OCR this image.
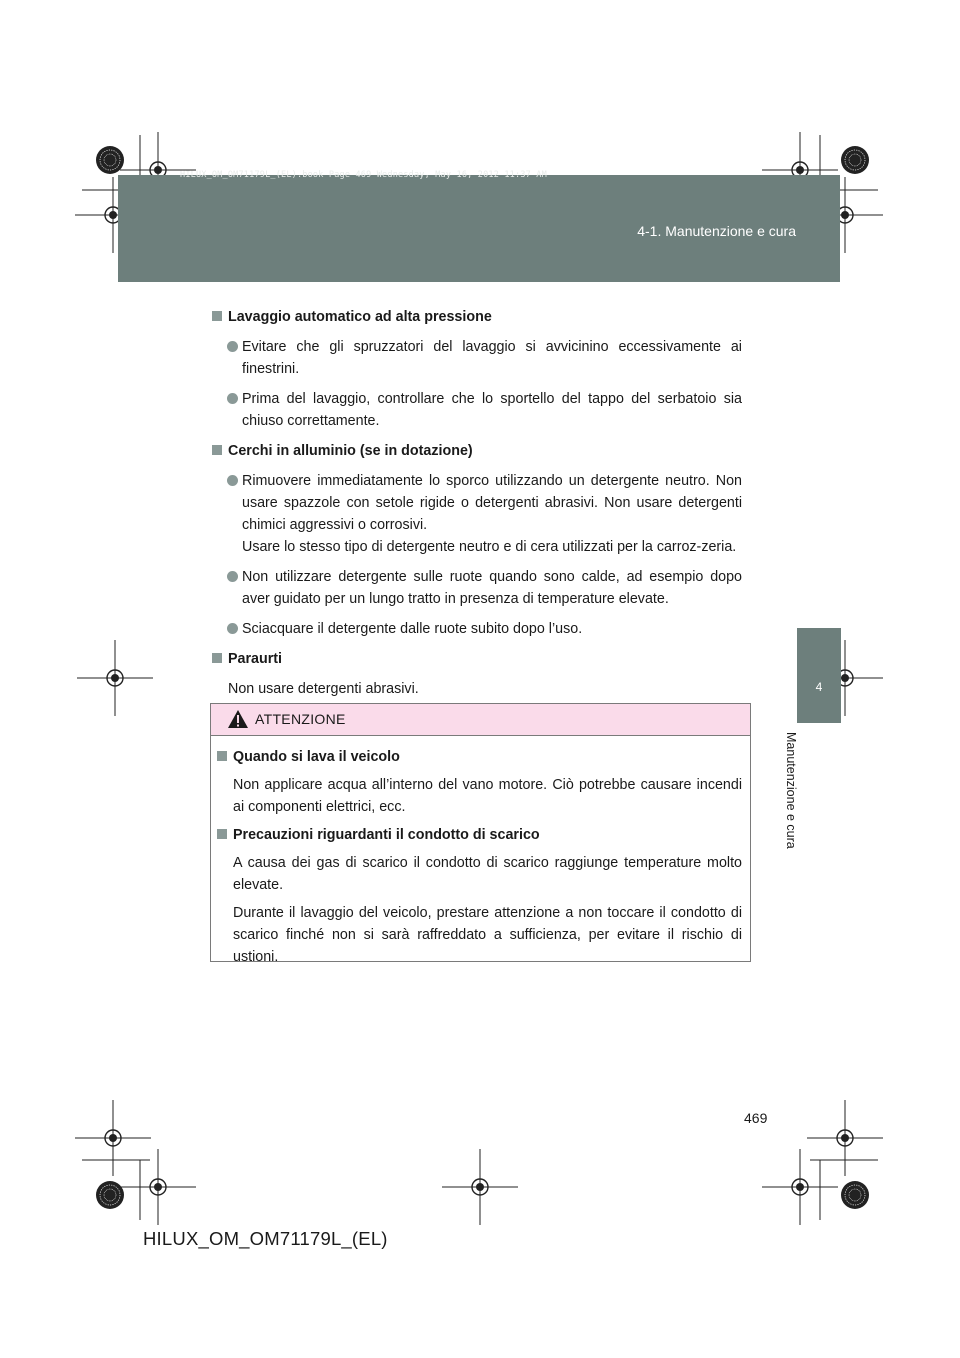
4-1. Manutenzione e cura
HILUX_OM_OM71179L_(EL).book Page 469 Wednesday, May 16, 2012 11:37 AM
4
Manutenzione e cura
Lavaggio automatico ad alta pressione
Evitare che gli spruzzatori del lavaggio si avvicinino eccessivamente ai finestrini.
Prima del lavaggio, controllare che lo sportello del tappo del serbatoio sia chiuso correttamente.
Cerchi in alluminio (se in dotazione)
Rimuovere immediatamente lo sporco utilizzando un detergente neutro. Non usare spazzole con setole rigide o detergenti abrasivi. Non usare detergenti chimici aggressivi o corrosivi.
Usare lo stesso tipo di detergente neutro e di cera utilizzati per la carroz-zeria.
Non utilizzare detergente sulle ruote quando sono calde, ad esempio dopo aver guidato per un lungo tratto in presenza di temperature elevate.
Sciacquare il detergente dalle ruote subito dopo l’uso.
Paraurti
Non usare detergenti abrasivi.
ATTENZIONE
Quando si lava il veicolo
Non applicare acqua all’interno del vano motore. Ciò potrebbe causare incendi ai componenti elettrici, ecc.
Precauzioni riguardanti il condotto di scarico
A causa dei gas di scarico il condotto di scarico raggiunge temperature molto elevate.
Durante il lavaggio del veicolo, prestare attenzione a non toccare il condotto di scarico finché non si sarà raffreddato a sufficienza, per evitare il rischio di ustioni.
469
HILUX_OM_OM71179L_(EL)
